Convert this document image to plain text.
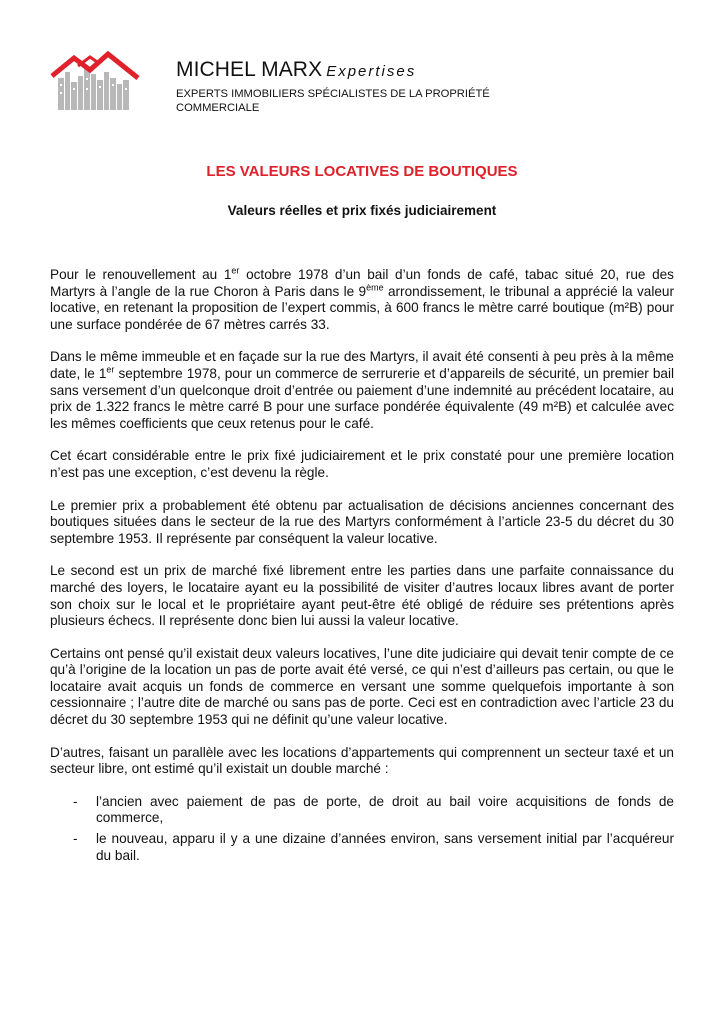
MICHEL MARX Expertises
EXPERTS IMMOBILIERS SPÉCIALISTES DE LA PROPRIÉTÉ COMMERCIALE
LES VALEURS LOCATIVES DE BOUTIQUES
Valeurs réelles et prix fixés judiciairement

Pour le renouvellement au 1er octobre 1978 d’un bail d’un fonds de café, tabac situé 20, rue des Martyrs à l’angle de la rue Choron à Paris dans le 9ème arrondissement, le tribunal a apprécié la valeur locative, en retenant la proposition de l’expert commis, à 600 francs le mètre carré boutique (m²B) pour une surface pondérée de 67 mètres carrés 33.

Dans le même immeuble et en façade sur la rue des Martyrs, il avait été consenti à peu près à la même date, le 1er septembre 1978, pour un commerce de serrurerie et d’appareils de sécurité, un premier bail sans versement d’un quelconque droit d’entrée ou paiement d’une indemnité au précédent locataire, au prix de 1.322 francs le mètre carré B pour une surface pondérée équivalente (49 m²B) et calculée avec les mêmes coefficients que ceux retenus pour le café.

Cet écart considérable entre le prix fixé judiciairement et le prix constaté pour une première location n’est pas une exception, c’est devenu la règle.

Le premier prix a probablement été obtenu par actualisation de décisions anciennes concernant des boutiques situées dans le secteur de la rue des Martyrs conformément à l’article 23-5 du décret du 30 septembre 1953. Il représente par conséquent la valeur locative.

Le second est un prix de marché fixé librement entre les parties dans une parfaite connaissance du marché des loyers, le locataire ayant eu la possibilité de visiter d’autres locaux libres avant de porter son choix sur le local et le propriétaire ayant peut-être été obligé de réduire ses prétentions après plusieurs échecs. Il représente donc bien lui aussi la valeur locative.

Certains ont pensé qu’il existait deux valeurs locatives, l’une dite judiciaire qui devait tenir compte de ce qu’à l’origine de la location un pas de porte avait été versé, ce qui n’est d’ailleurs pas certain, ou que le locataire avait acquis un fonds de commerce en versant une somme quelquefois importante à son cessionnaire ; l’autre dite de marché ou sans pas de porte. Ceci est en contradiction avec l’article 23 du décret du 30 septembre 1953 qui ne définit qu’une valeur locative.

D’autres, faisant un parallèle avec les locations d’appartements qui comprennent un secteur taxé et un secteur libre, ont estimé qu’il existait un double marché :

- l’ancien avec paiement de pas de porte, de droit au bail voire acquisitions de fonds de commerce,
- le nouveau, apparu il y a une dizaine d’années environ, sans versement initial par l’acquéreur du bail.
